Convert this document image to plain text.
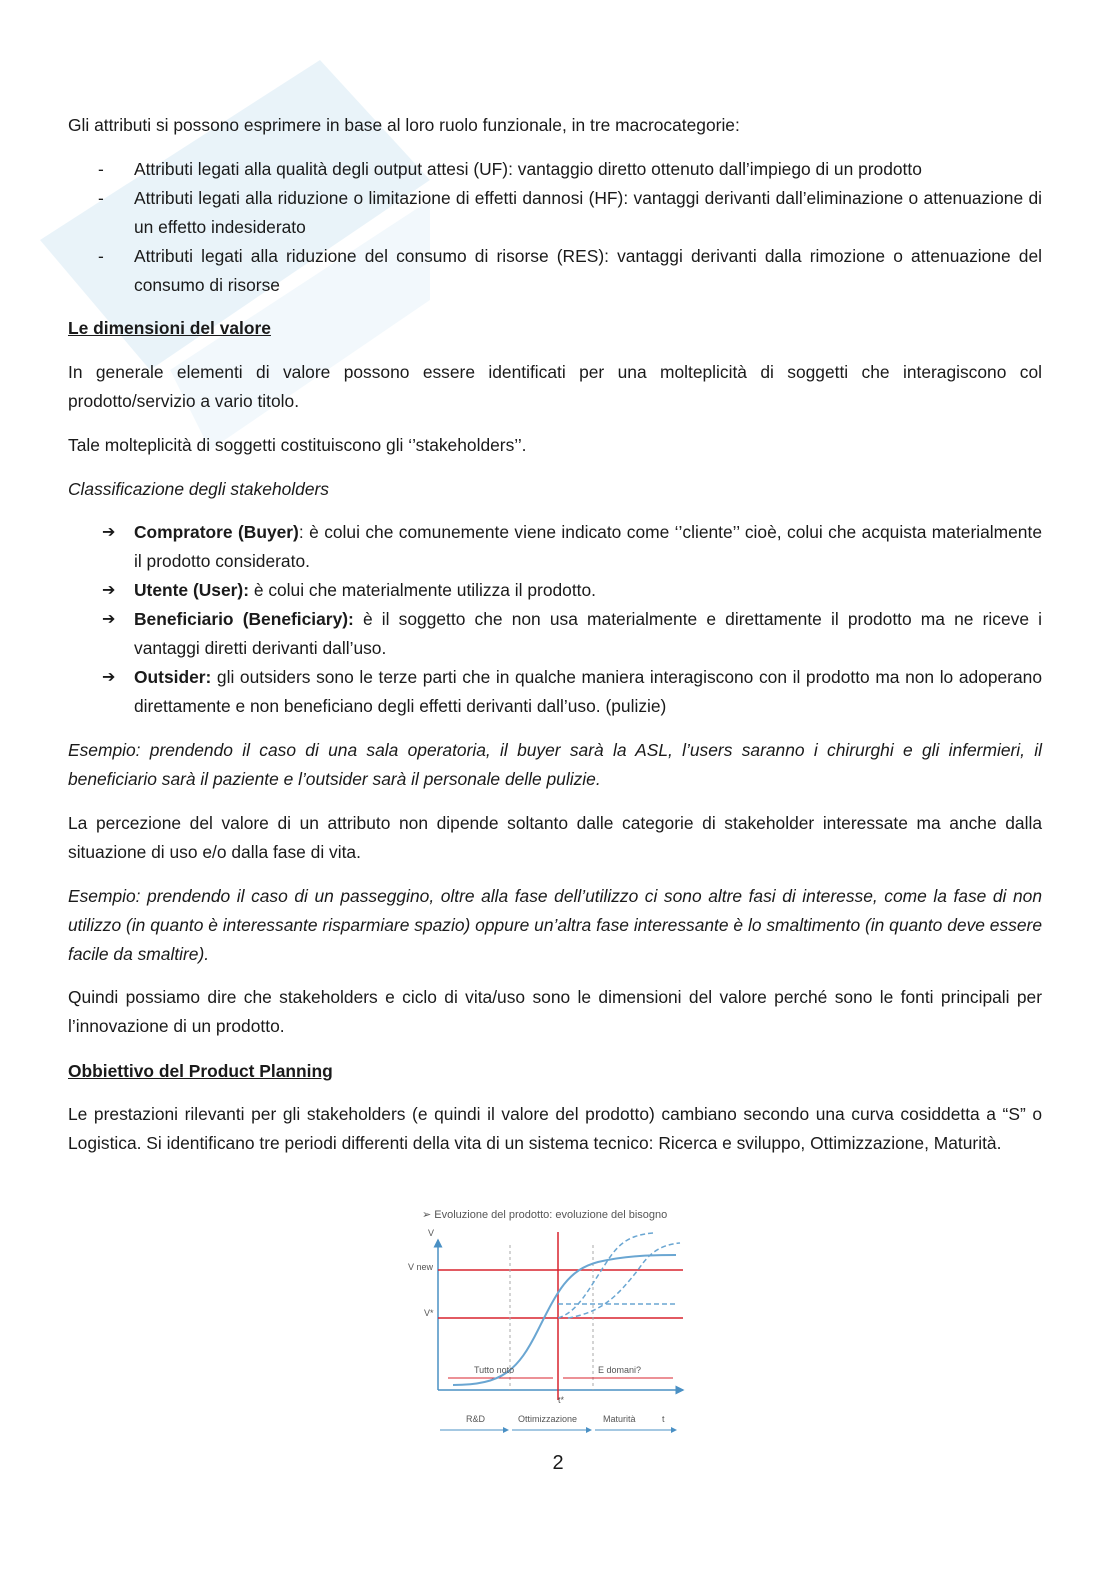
Gli attributi si possono esprimere in base al loro ruolo funzionale, in tre macrocategorie:

- Attributi legati alla qualità degli output attesi (UF): vantaggio diretto ottenuto dall’impiego di un prodotto
- Attributi legati alla riduzione o limitazione di effetti dannosi (HF): vantaggi derivanti dall’eliminazione o attenuazione di un effetto indesiderato
- Attributi legati alla riduzione del consumo di risorse (RES): vantaggi derivanti dalla rimozione o attenuazione del consumo di risorse
Le dimensioni del valore

In generale elementi di valore possono essere identificati per una molteplicità di soggetti che interagiscono col prodotto/servizio a vario titolo.

Tale molteplicità di soggetti costituiscono gli ‘’stakeholders’’.

Classificazione degli stakeholders

➔ Compratore (Buyer): è colui che comunemente viene indicato come ‘’cliente’’ cioè, colui che acquista materialmente il prodotto considerato.
➔ Utente (User): è colui che materialmente utilizza il prodotto.
➔ Beneficiario (Beneficiary): è il soggetto che non usa materialmente e direttamente il prodotto ma ne riceve i vantaggi diretti derivanti dall’uso.
➔ Outsider: gli outsiders sono le terze parti che in qualche maniera interagiscono con il prodotto ma non lo adoperano direttamente e non beneficiano degli effetti derivanti dall’uso. (pulizie)

Esempio: prendendo il caso di una sala operatoria, il buyer sarà la ASL, l’users saranno i chirurghi e gli infermieri, il beneficiario sarà il paziente e l’outsider sarà il personale delle pulizie.

La percezione del valore di un attributo non dipende soltanto dalle categorie di stakeholder interessate ma anche dalla situazione di uso e/o dalla fase di vita.

Esempio: prendendo il caso di un passeggino, oltre alla fase dell’utilizzo ci sono altre fasi di interesse, come la fase di non utilizzo (in quanto è interessante risparmiare spazio) oppure un’altra fase interessante è lo smaltimento (in quanto deve essere facile da smaltire).

Quindi possiamo dire che stakeholders e ciclo di vita/uso sono le dimensioni del valore perché sono le fonti principali per l’innovazione di un prodotto.

Obbiettivo del Product Planning

Le prestazioni rilevanti per gli stakeholders (e quindi il valore del prodotto) cambiano secondo una curva cosiddetta a “S” o Logistica. Si identificano tre periodi differenti della vita di un sistema tecnico: Ricerca e sviluppo, Ottimizzazione, Maturità.

➢ Evoluzione del prodotto: evoluzione del bisogno
V
V new
V*
Tutto noto	E domani?
t*
R&D	Ottimizzazione	Maturità	t
2
